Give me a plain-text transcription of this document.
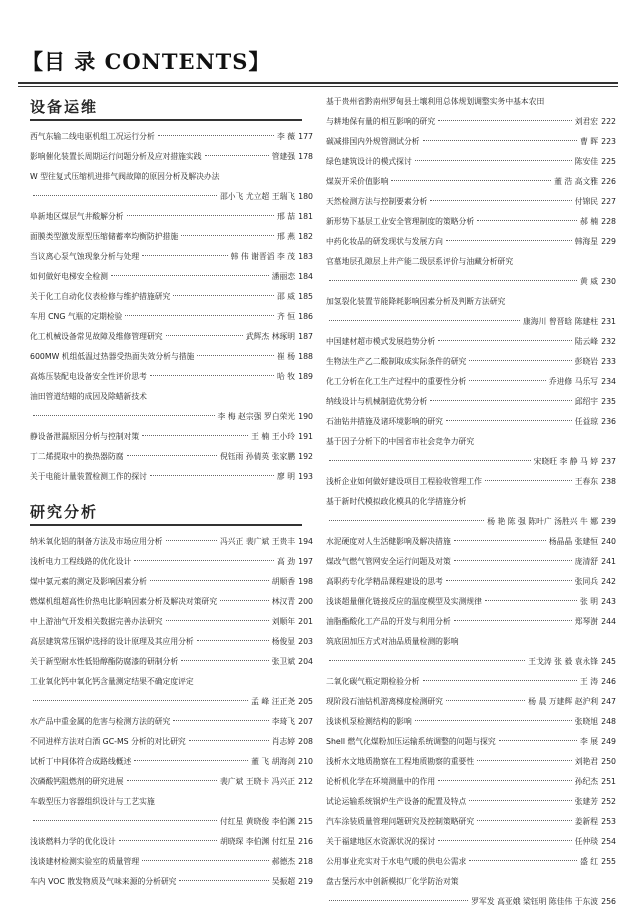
【目 录 CONTENTS】
设备运维
西气东输二线电驱机组工况运行分析	李 薇 177
影响催化装置长周期运行问题分析及应对措施实践	管建强 178
W 型往复式压缩机进排气阀故障的原因分析及解决办法
邵小飞 尤立超 王瑞飞 180
阜新地区煤层气井酸解分析	邢 喆 181
面膜类型激发原型压缩储蓄率均衡防护措施	邢 燕 182
当议离心泵气蚀现象分析与处理	韩 伟 谢晋滔 李 茂 183
如何做好电梯安全检测	潘丽恋 184
关于化工自动化仪表检修与维护措施研究	邵 威 185
车用 CNG 气瓶的定期检验	齐 恒 186
化工机械设备常见故障及维修管理研究	武辉杰 林琢明 187
600MW 机组低温过热器受热面失效分析与措施	崔 杨 188
高炼压装配电设备安全性评价思考	哈 牧 189
油田管道结蜡的成因及除蜡新技术
李 梅 赵宗强 罗白荣光 190
静设备泄漏原因分析与控制对策	王 楠 王小玲 191
丁二烯提取中的换热器防腐	倪钰雨 孙倩英 张家鹏 192
关于电能计量装置检测工作的探讨	廖 明 193
研究分析
纳米氧化铝的制备方法及市场应用分析	冯兴正 裴广斌 王贵丰 194
浅析电力工程线路的优化设计	高 劲 197
煤中氯元素的测定及影响因素分析	胡顺香 198
燃煤机组超高性价热电比影响因素分析及解决对策研究	林汉青 200
中上游油气开发相关数据完善办法研究	刘顺年 201
高层建筑常压锅炉选择的设计原理及其应用分析	杨俊显 203
关于新型耐水性低铅醇酯防腐漆的研制分析	张卫斌 204
工业氧化钙中氧化钙含量测定结果不确定度评定
孟 峰 汪正尧 205
水产品中重金属的危害与检测方法的研究	李琦飞 207
不同进样方法对白酒 GC-MS 分析的对比研究	肖志婷 208
试析丁中间体符合成路线概述	董 飞 胡海剑 210
次磷酸钙阻燃剂的研究进展	裴广斌 王晓卡 冯兴正 212
车载型压力容器组织设计与工艺实施
付红星 黄晓俊 李伯渊 215
浅谈燃料力学的优化设计	胡晓琛 李伯渊 付红星 216
浅谈建材检测实验室的质量管理	郝德杰 218
车内 VOC 散发物质及气味来源的分析研究	吴振超 219
基于贵州省黔南州罗甸县土壤利用总体规划调整实务中基本农田
与耕地保有量的相互影响的研究	刘君宏 222
碳减排国内外规管测试分析	曹 晖 223
绿色建筑设计的模式探讨	陈安佳 225
煤炭开采价值影响	董 浩 高文雅 226
天然检测方法与控制要素分析	付锦民 227
新形势下基层工业安全管理制度的策略分析	郝 楠 228
中药化妆品的研发现状与发展方向	韩海星 229
官墓地层孔隙层上井产能二级层系评价与油藏分析研究
黄 威 230
加氢裂化装置节能降耗影响因素分析及判断方法研究
康海川 曾晋晗 陈建柱 231
中国建材超市模式发展趋势分析	陆云峰 232
生物法生产乙二酸制取成实际条件的研究	彭晓岩 233
化工分析在化工生产过程中的重要性分析	乔进修 马乐写 234
纳线设计与机械制造优势分析	邱绍宇 235
石油钻井措施及诸环境影响的研究	任益琼 236
基于因子分析下的中国省市社会竞争力研究
宋晓旺 李 静 马 婷 237
浅析企业如何做好建设项目工程验收管理工作	王春东 238
基于新时代模拟政化模具的化学措施分析
杨 艳 陈 强 陈叶广 汤胜兴 牛 娜 239
水泥硬度对人生活健影响及解决措施	杨晶晶 张建恒 240
煤改气燃气管网安全运行问题及对策	庞清舒 241
高职药专化学精品课程建设的思考	张同兵 242
浅谈超量催化链接反应的温度模型及实测规律	张 明 243
油脂酯酸化工产品的开发与利用分析	郑琴澍 244
筑底固加压方式对油品质量检测的影响
王戈涛 张 毅 袁永锋 245
二氧化碳气瓶定期检验分析	王 涛 246
现阶段石油钻机游离梯度检测研究	杨 晨 万建辉 赵沪利 247
浅谈机泵检测结构的影响	张晓旭 248
Shell 燃气化煤粉加压运输系统调整的问题与探究	李 展 249
浅析水文地质勘察在工程地质勘察的重要性	刘艳君 250
论析机化学在环境测量中的作用	孙纪杰 251
试论运输系统锅炉生产设备的配置及特点	张建芳 252
汽车涂装质量管理问题研究及控制策略研究	姜新程 253
关于福建地区水资源状况的探讨	任仲琰 254
公用事业充实对于水电气暖的供电公需求	盛 红 255
盘古堡污水中创新模拟厂化学防治对策
罗军发 高亚娥 梁钰明 陈佳伟 于东波 256
